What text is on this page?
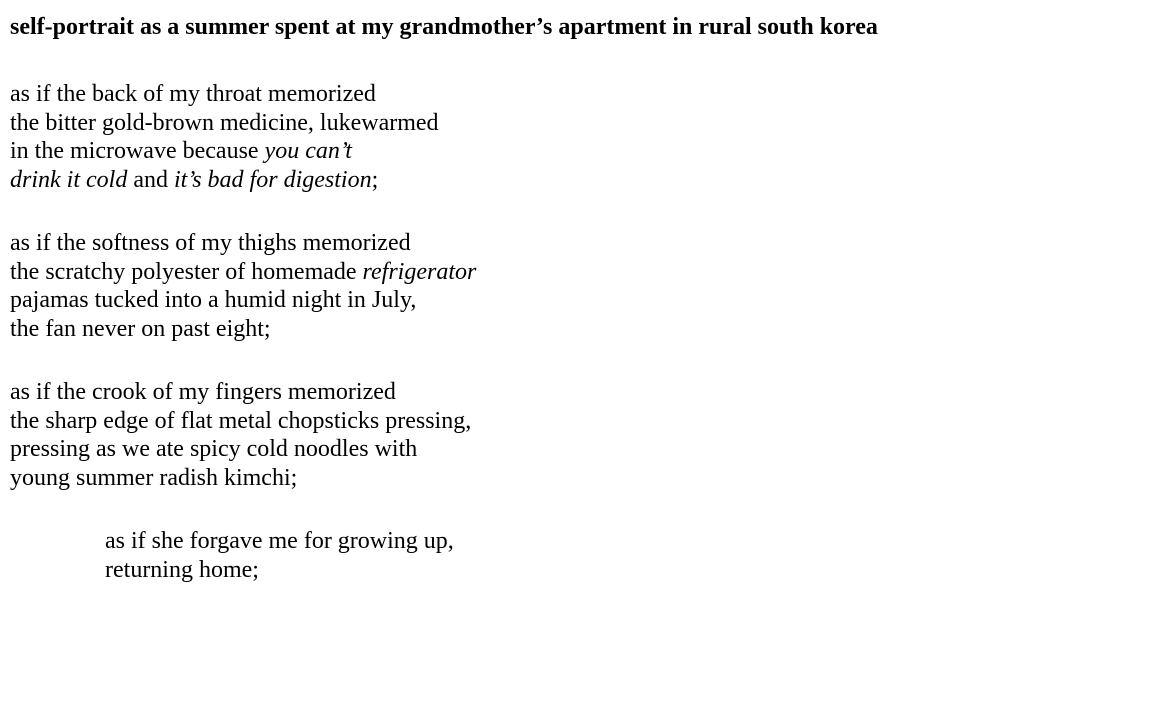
self-portrait as a summer spent at my grandmother’s apartment in rural south korea
as if the back of my throat memorized
the bitter gold-brown medicine, lukewarmed
in the microwave because you can’t
drink it cold and it’s bad for digestion;
as if the softness of my thighs memorized
the scratchy polyester of homemade refrigerator
pajamas tucked into a humid night in July,
the fan never on past eight;
as if the crook of my fingers memorized
the sharp edge of flat metal chopsticks pressing,
pressing as we ate spicy cold noodles with
young summer radish kimchi;
as if she forgave me for growing up,
returning home;
